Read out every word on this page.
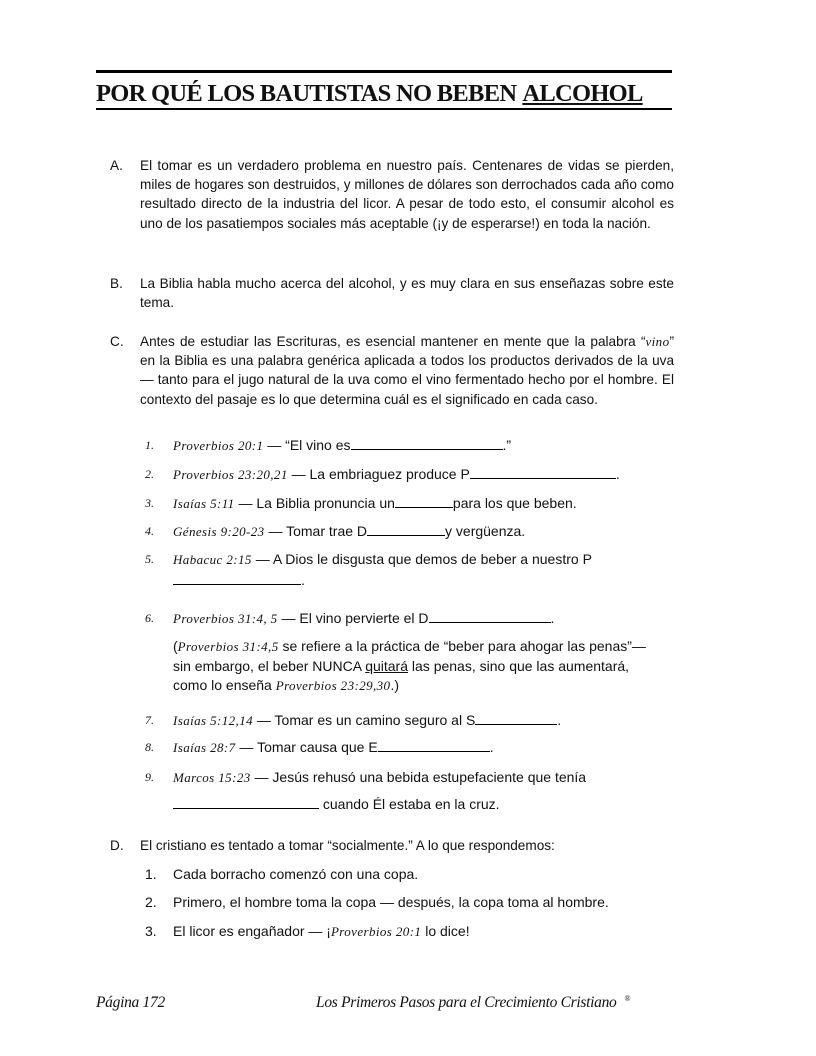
POR QUÉ LOS BAUTISTAS NO BEBEN ALCOHOL
A. El tomar es un verdadero problema en nuestro país. Centenares de vidas se pierden, miles de hogares son destruidos, y millones de dólares son derrochados cada año como resultado directo de la industria del licor. A pesar de todo esto, el consumir alcohol es uno de los pasatiempos sociales más aceptable (¡y de esperarse!) en toda la nación.
B. La Biblia habla mucho acerca del alcohol, y es muy clara en sus enseñazas sobre este tema.
C. Antes de estudiar las Escrituras, es esencial mantener en mente que la palabra “vino” en la Biblia es una palabra genérica aplicada a todos los productos derivados de la uva — tanto para el jugo natural de la uva como el vino fermentado hecho por el hombre. El contexto del pasaje es lo que determina cuál es el significado en cada caso.
1. Proverbios 20:1 — “El vino es	.”
2. Proverbios 23:20,21 — La embriaguez produce P	.
3. Isaías 5:11 — La Biblia pronuncia un	para los que beben.
4. Génesis 9:20-23 — Tomar trae D	y vergüenza.
5. Habacuc 2:15 — A Dios le disgusta que demos de beber a nuestro P
.
6. Proverbios 31:4, 5 — El vino pervierte el D	.
(Proverbios 31:4,5 se refiere a la práctica de “beber para ahogar las penas”— sin embargo, el beber NUNCA quitará las penas, sino que las aumentará, como lo enseña Proverbios 23:29,30.)
7. Isaías 5:12,14 — Tomar es un camino seguro al S	.
8. Isaías 28:7 — Tomar causa que E	.
9. Marcos 15:23 — Jesús rehusó una bebida estupefaciente que tenía
cuando Él estaba en la cruz.
D. El cristiano es tentado a tomar “socialmente.” A lo que respondemos:
1. Cada borracho comenzó con una copa.
2. Primero, el hombre toma la copa — después, la copa toma al hombre.
3. El licor es engañador — ¡Proverbios 20:1 lo dice!
Página 172	Los Primeros Pasos para el Crecimiento Cristiano ®
